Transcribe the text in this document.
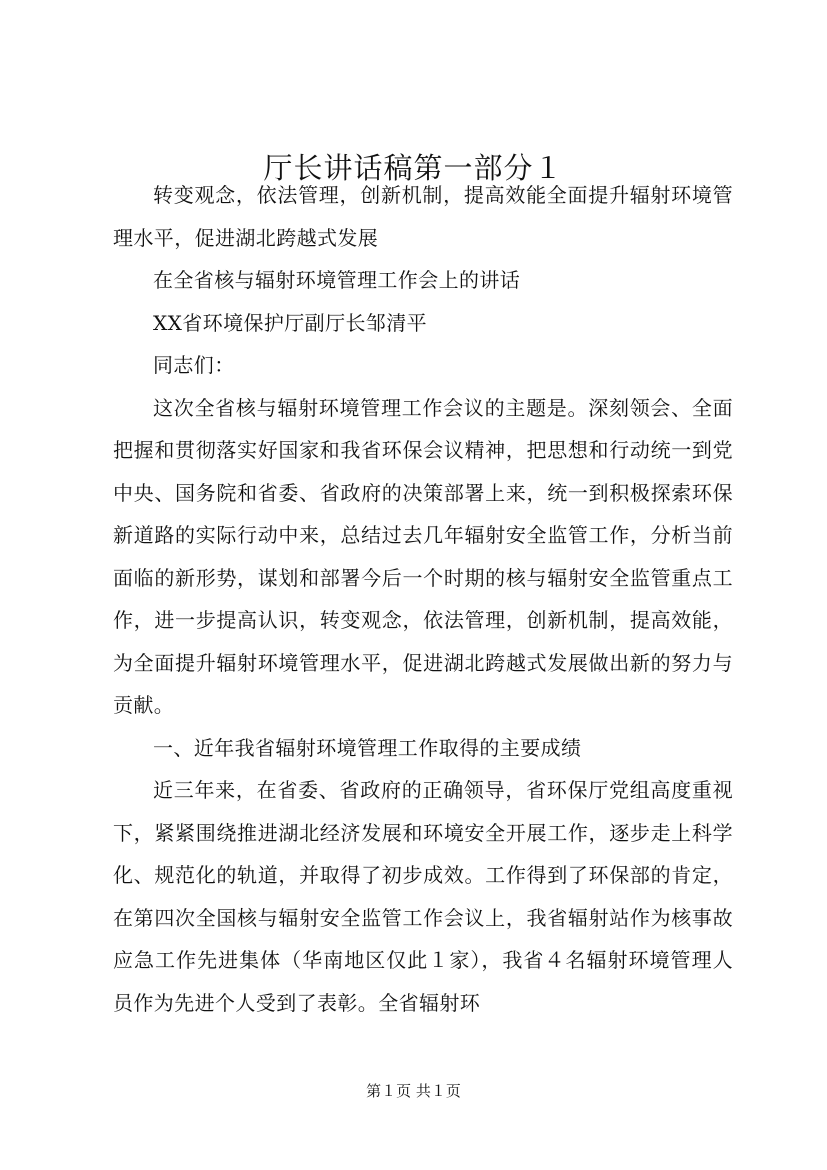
厅长讲话稿第一部分１

转变观念，依法管理，创新机制，提高效能全面提升辐射环境管理水平，促进湖北跨越式发展

在全省核与辐射环境管理工作会上的讲话

XX省环境保护厅副厅长邹清平

同志们：

这次全省核与辐射环境管理工作会议的主题是。深刻领会、全面把握和贯彻落实好国家和我省环保会议精神，把思想和行动统一到党中央、国务院和省委、省政府的决策部署上来，统一到积极探索环保新道路的实际行动中来，总结过去几年辐射安全监管工作，分析当前面临的新形势，谋划和部署今后一个时期的核与辐射安全监管重点工作，进一步提高认识，转变观念，依法管理，创新机制，提高效能，为全面提升辐射环境管理水平，促进湖北跨越式发展做出新的努力与贡献。

一、近年我省辐射环境管理工作取得的主要成绩

近三年来，在省委、省政府的正确领导，省环保厅党组高度重视下，紧紧围绕推进湖北经济发展和环境安全开展工作，逐步走上科学化、规范化的轨道，并取得了初步成效。工作得到了环保部的肯定，在第四次全国核与辐射安全监管工作会议上，我省辐射站作为核事故应急工作先进集体（华南地区仅此１家），我省４名辐射环境管理人员作为先进个人受到了表彰。全省辐射环

第１页 共１页
